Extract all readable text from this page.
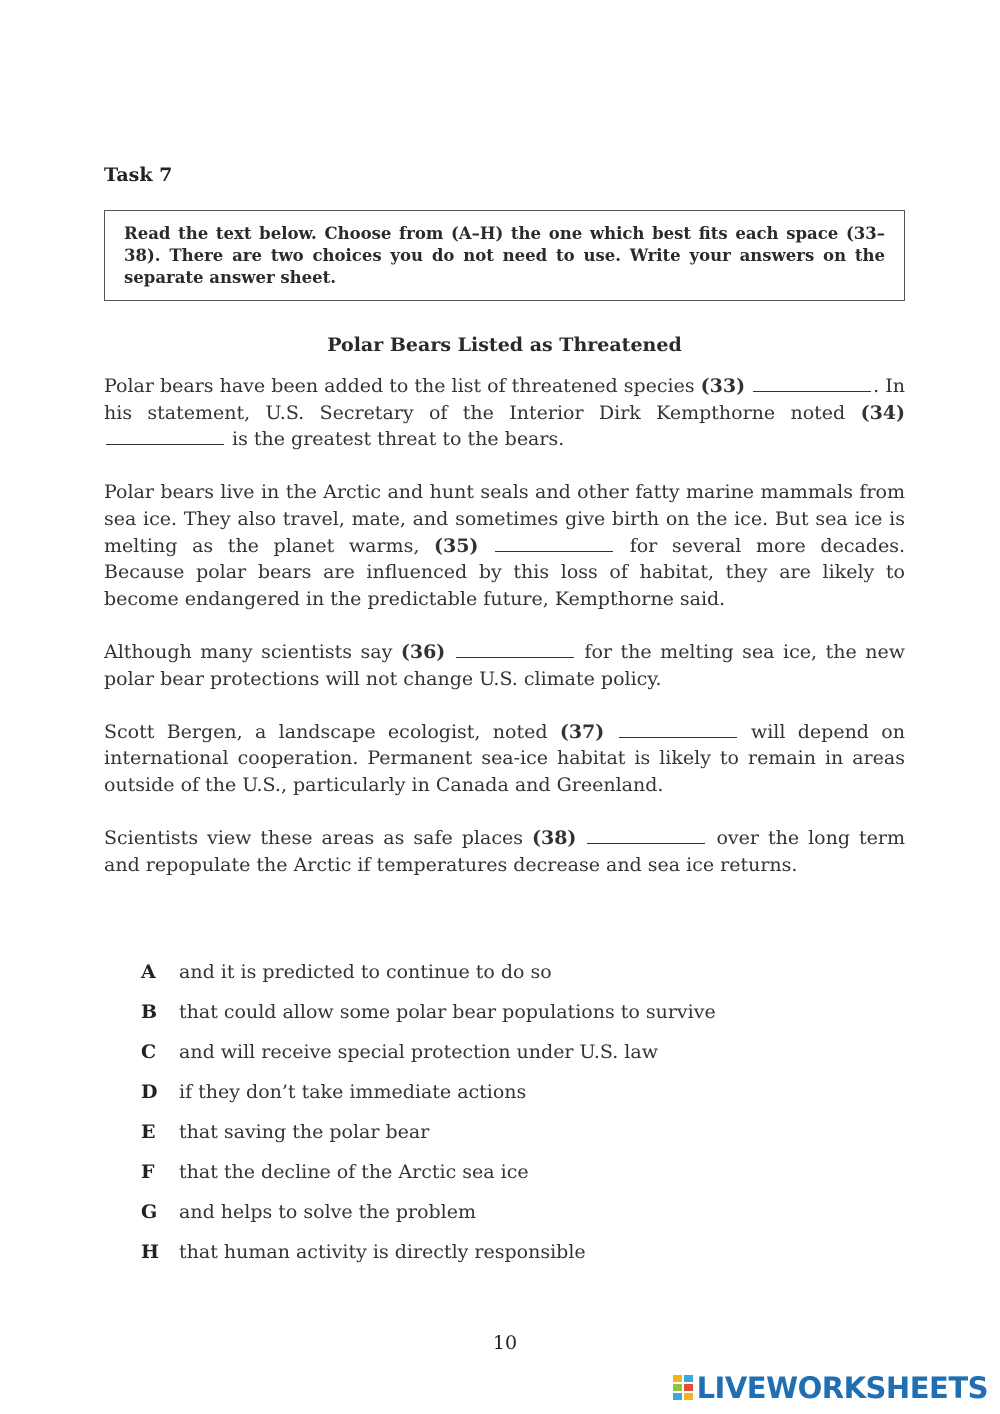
Task 7
Read the text below. Choose from (A–H) the one which best fits each space (33–38). There are two choices you do not need to use. Write your answers on the separate answer sheet.
Polar Bears Listed as Threatened

Polar bears have been added to the list of threatened species (33)	. In his statement, U.S. Secretary of the Interior Dirk Kempthorne noted (34)  is the greatest threat to the bears.

Polar bears live in the Arctic and hunt seals and other fatty marine mammals from sea ice. They also travel, mate, and sometimes give birth on the ice. But sea ice is melting as the planet warms, (35)	for several more decades. Because polar bears are influenced by this loss of habitat, they are likely to become endangered in the predictable future, Kempthorne said.

Although many scientists say (36)	for the melting sea ice, the new polar bear protections will not change U.S. climate policy.

Scott Bergen, a landscape ecologist, noted (37)	will depend on international cooperation. Permanent sea-ice habitat is likely to remain in areas outside of the U.S., particularly in Canada and Greenland.

Scientists view these areas as safe places (38)	over the long term and repopulate the Arctic if temperatures decrease and sea ice returns.

A	and it is predicted to continue to do so
B	that could allow some polar bear populations to survive
C	and will receive special protection under U.S. law
D	if they don’t take immediate actions
E	that saving the polar bear
F	that the decline of the Arctic sea ice
G	and helps to solve the problem
H	that human activity is directly responsible
10
LIVEWORKSHEETS
